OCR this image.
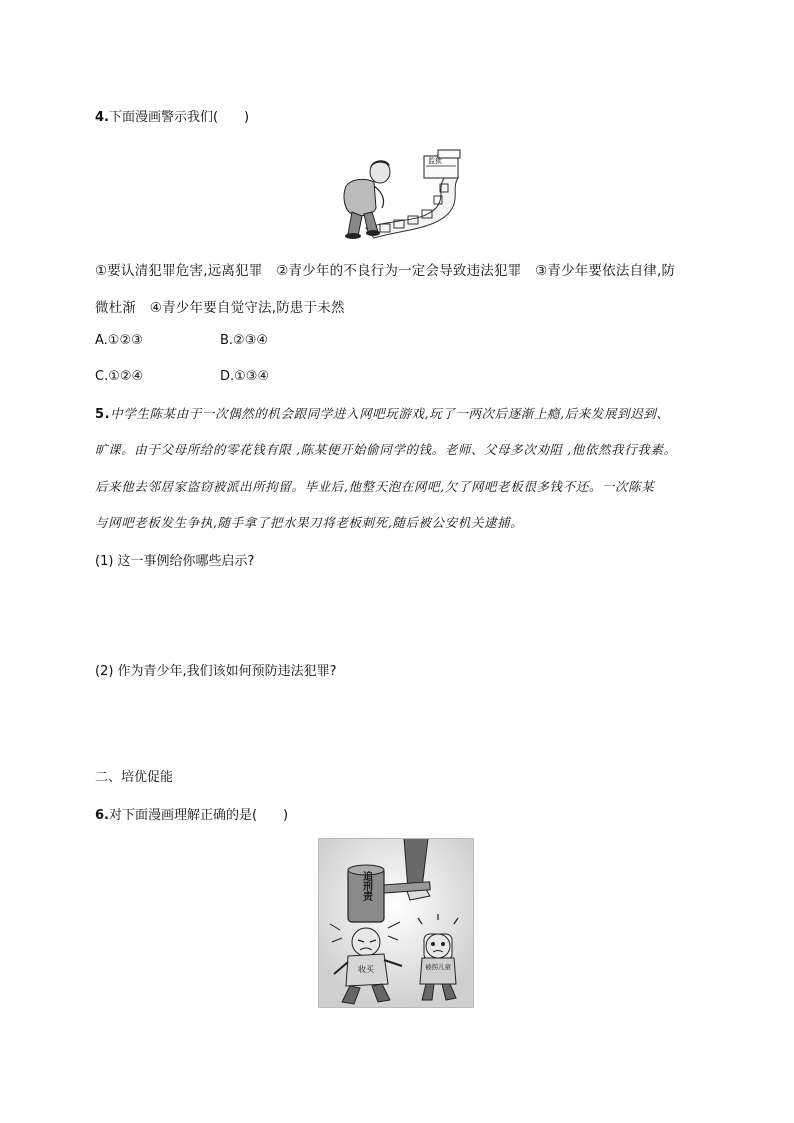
4.下面漫画警示我们(　　)
监狱
①要认清犯罪危害,远离犯罪　②青少年的不良行为一定会导致违法犯罪　③青少年要依法自律,防
微杜渐　④青少年要自觉守法,防患于未然
A.①②③	B.②③④
C.①②④	D.①③④
5.中学生陈某由于一次偶然的机会跟同学进入网吧玩游戏,玩了一两次后逐渐上瘾,后来发展到迟到、
旷课。由于父母所给的零花钱有限 ,陈某便开始偷同学的钱。老师、父母多次劝阻 ,他依然我行我素。
后来他去邻居家盗窃被派出所拘留。毕业后,他整天泡在网吧,欠了网吧老板很多钱不还。一次陈某
与网吧老板发生争执,随手拿了把水果刀将老板刺死,随后被公安机关逮捕。
(1) 这一事例给你哪些启示?
(2) 作为青少年,我们该如何预防违法犯罪?
二、培优促能
6.对下面漫画理解正确的是(　　)
追刑责
收买	被拐儿童
